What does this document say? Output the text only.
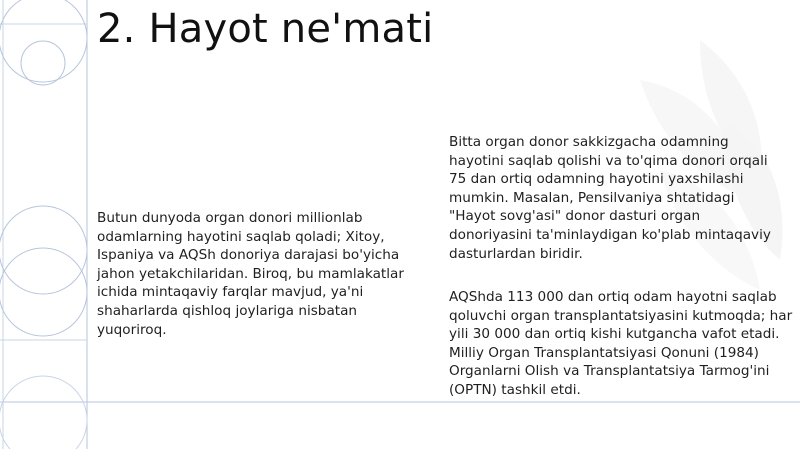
2. Hayot ne'mati

Butun dunyoda organ donori millionlab odamlarning hayotini saqlab qoladi; Xitoy, Ispaniya va AQSh donoriya darajasi bo'yicha jahon yetakchilaridan. Biroq, bu mamlakatlar ichida mintaqaviy farqlar mavjud, ya'ni shaharlarda qishloq joylariga nisbatan yuqoriroq.

Bitta organ donor sakkizgacha odamning hayotini saqlab qolishi va to'qima donori orqali 75 dan ortiq odamning hayotini yaxshilashi mumkin. Masalan, Pensilvaniya shtatidagi "Hayot sovg'asi" donor dasturi organ donoriyasini ta'minlaydigan ko'plab mintaqaviy dasturlardan biridir.

AQShda 113 000 dan ortiq odam hayotni saqlab qoluvchi organ transplantatsiyasini kutmoqda; har yili 30 000 dan ortiq kishi kutgancha vafot etadi. Milliy Organ Transplantatsiyasi Qonuni (1984) Organlarni Olish va Transplantatsiya Tarmog'ini (OPTN) tashkil etdi.
